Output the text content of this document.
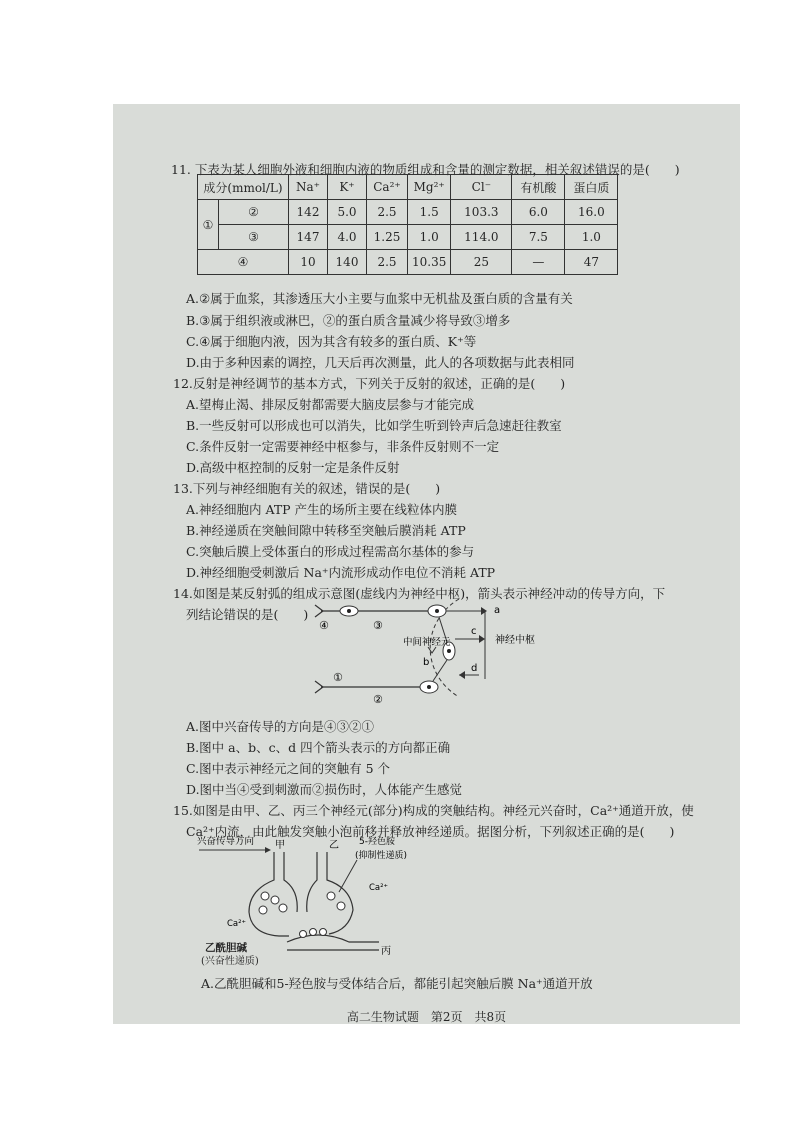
11. 下表为某人细胞外液和细胞内液的物质组成和含量的测定数据，相关叙述错误的是(　　)
成分(mmol/L)		Na⁺	K⁺	Ca²⁺	Mg²⁺	Cl⁻	有机酸	蛋白质
①	②	142	5.0	2.5	1.5	103.3	6.0	16.0
	③	147	4.0	1.25	1.0	114.0	7.5	1.0
④		10	140	2.5	10.35	25	—	47
A.②属于血浆，其渗透压大小主要与血浆中无机盐及蛋白质的含量有关
B.③属于组织液或淋巴，②的蛋白质含量减少将导致③增多
C.④属于细胞内液，因为其含有较多的蛋白质、K⁺等
D.由于多种因素的调控，几天后再次测量，此人的各项数据与此表相同
12.反射是神经调节的基本方式，下列关于反射的叙述，正确的是(　　)
A.望梅止渴、排尿反射都需要大脑皮层参与才能完成
B.一些反射可以形成也可以消失，比如学生听到铃声后急速赶往教室
C.条件反射一定需要神经中枢参与，非条件反射则不一定
D.高级中枢控制的反射一定是条件反射
13.下列与神经细胞有关的叙述，错误的是(　　)
A.神经细胞内 ATP 产生的场所主要在线粒体内膜
B.神经递质在突触间隙中转移至突触后膜消耗 ATP
C.突触后膜上受体蛋白的形成过程需高尔基体的参与
D.神经细胞受刺激后 Na⁺内流形成动作电位不消耗 ATP
14.如图是某反射弧的组成示意图(虚线内为神经中枢)，箭头表示神经冲动的传导方向，下
列结论错误的是(　　)	a
b
c
d
④	③
①
②
中间神经元	神经中枢
A.图中兴奋传导的方向是④③②①
B.图中 a、b、c、d 四个箭头表示的方向都正确
C.图中表示神经元之间的突触有 5 个
D.图中当④受到刺激而②损伤时，人体能产生感觉
15.如图是由甲、乙、丙三个神经元(部分)构成的突触结构。神经元兴奋时，Ca²⁺通道开放，使
Ca²⁺内流，由此触发突触小泡前移并释放神经递质。据图分析，下列叙述正确的是(　　)
兴奋传导方向 甲	乙
丙
5-羟色胺
(抑制性递质)
Ca²⁺
Ca²⁺
乙酰胆碱
(兴奋性递质)
A.乙酰胆碱和5-羟色胺与受体结合后，都能引起突触后膜 Na⁺通道开放
高二生物试题　第2页　共8页
